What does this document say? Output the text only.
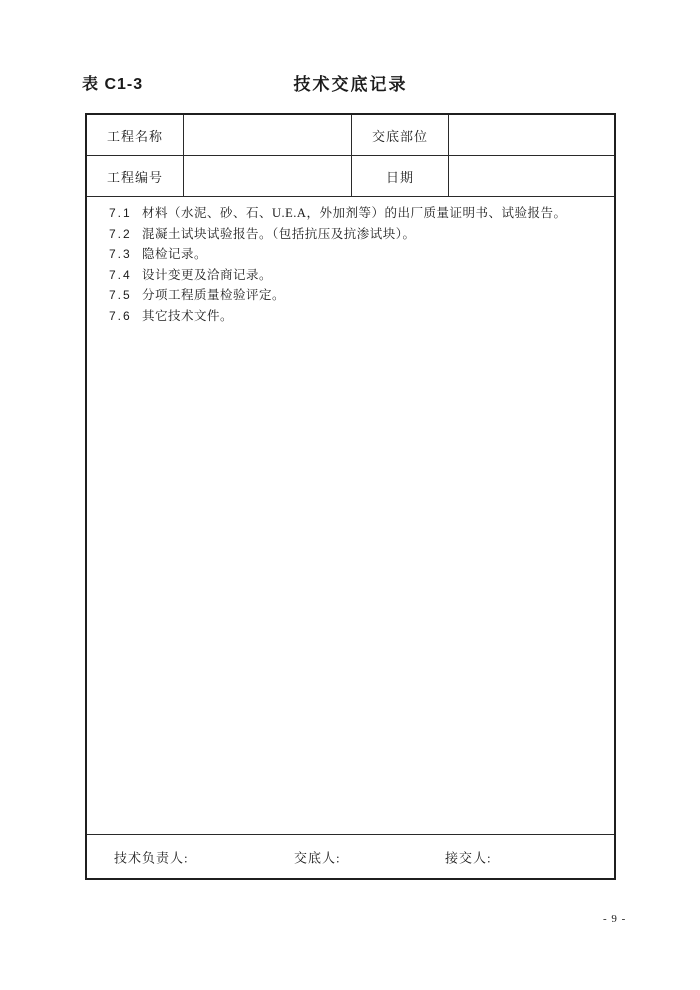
表 C1-3	技术交底记录
工程名称	交底部位
工程编号	日期
7.1 材料（水泥、砂、石、U.E.A，外加剂等）的出厂质量证明书、试验报告。
7.2 混凝土试块试验报告。（包括抗压及抗渗试块）。
7.3 隐检记录。
7.4 设计变更及洽商记录。
7.5 分项工程质量检验评定。
7.6 其它技术文件。
技术负责人:	交底人:	接交人:
- 9 -
